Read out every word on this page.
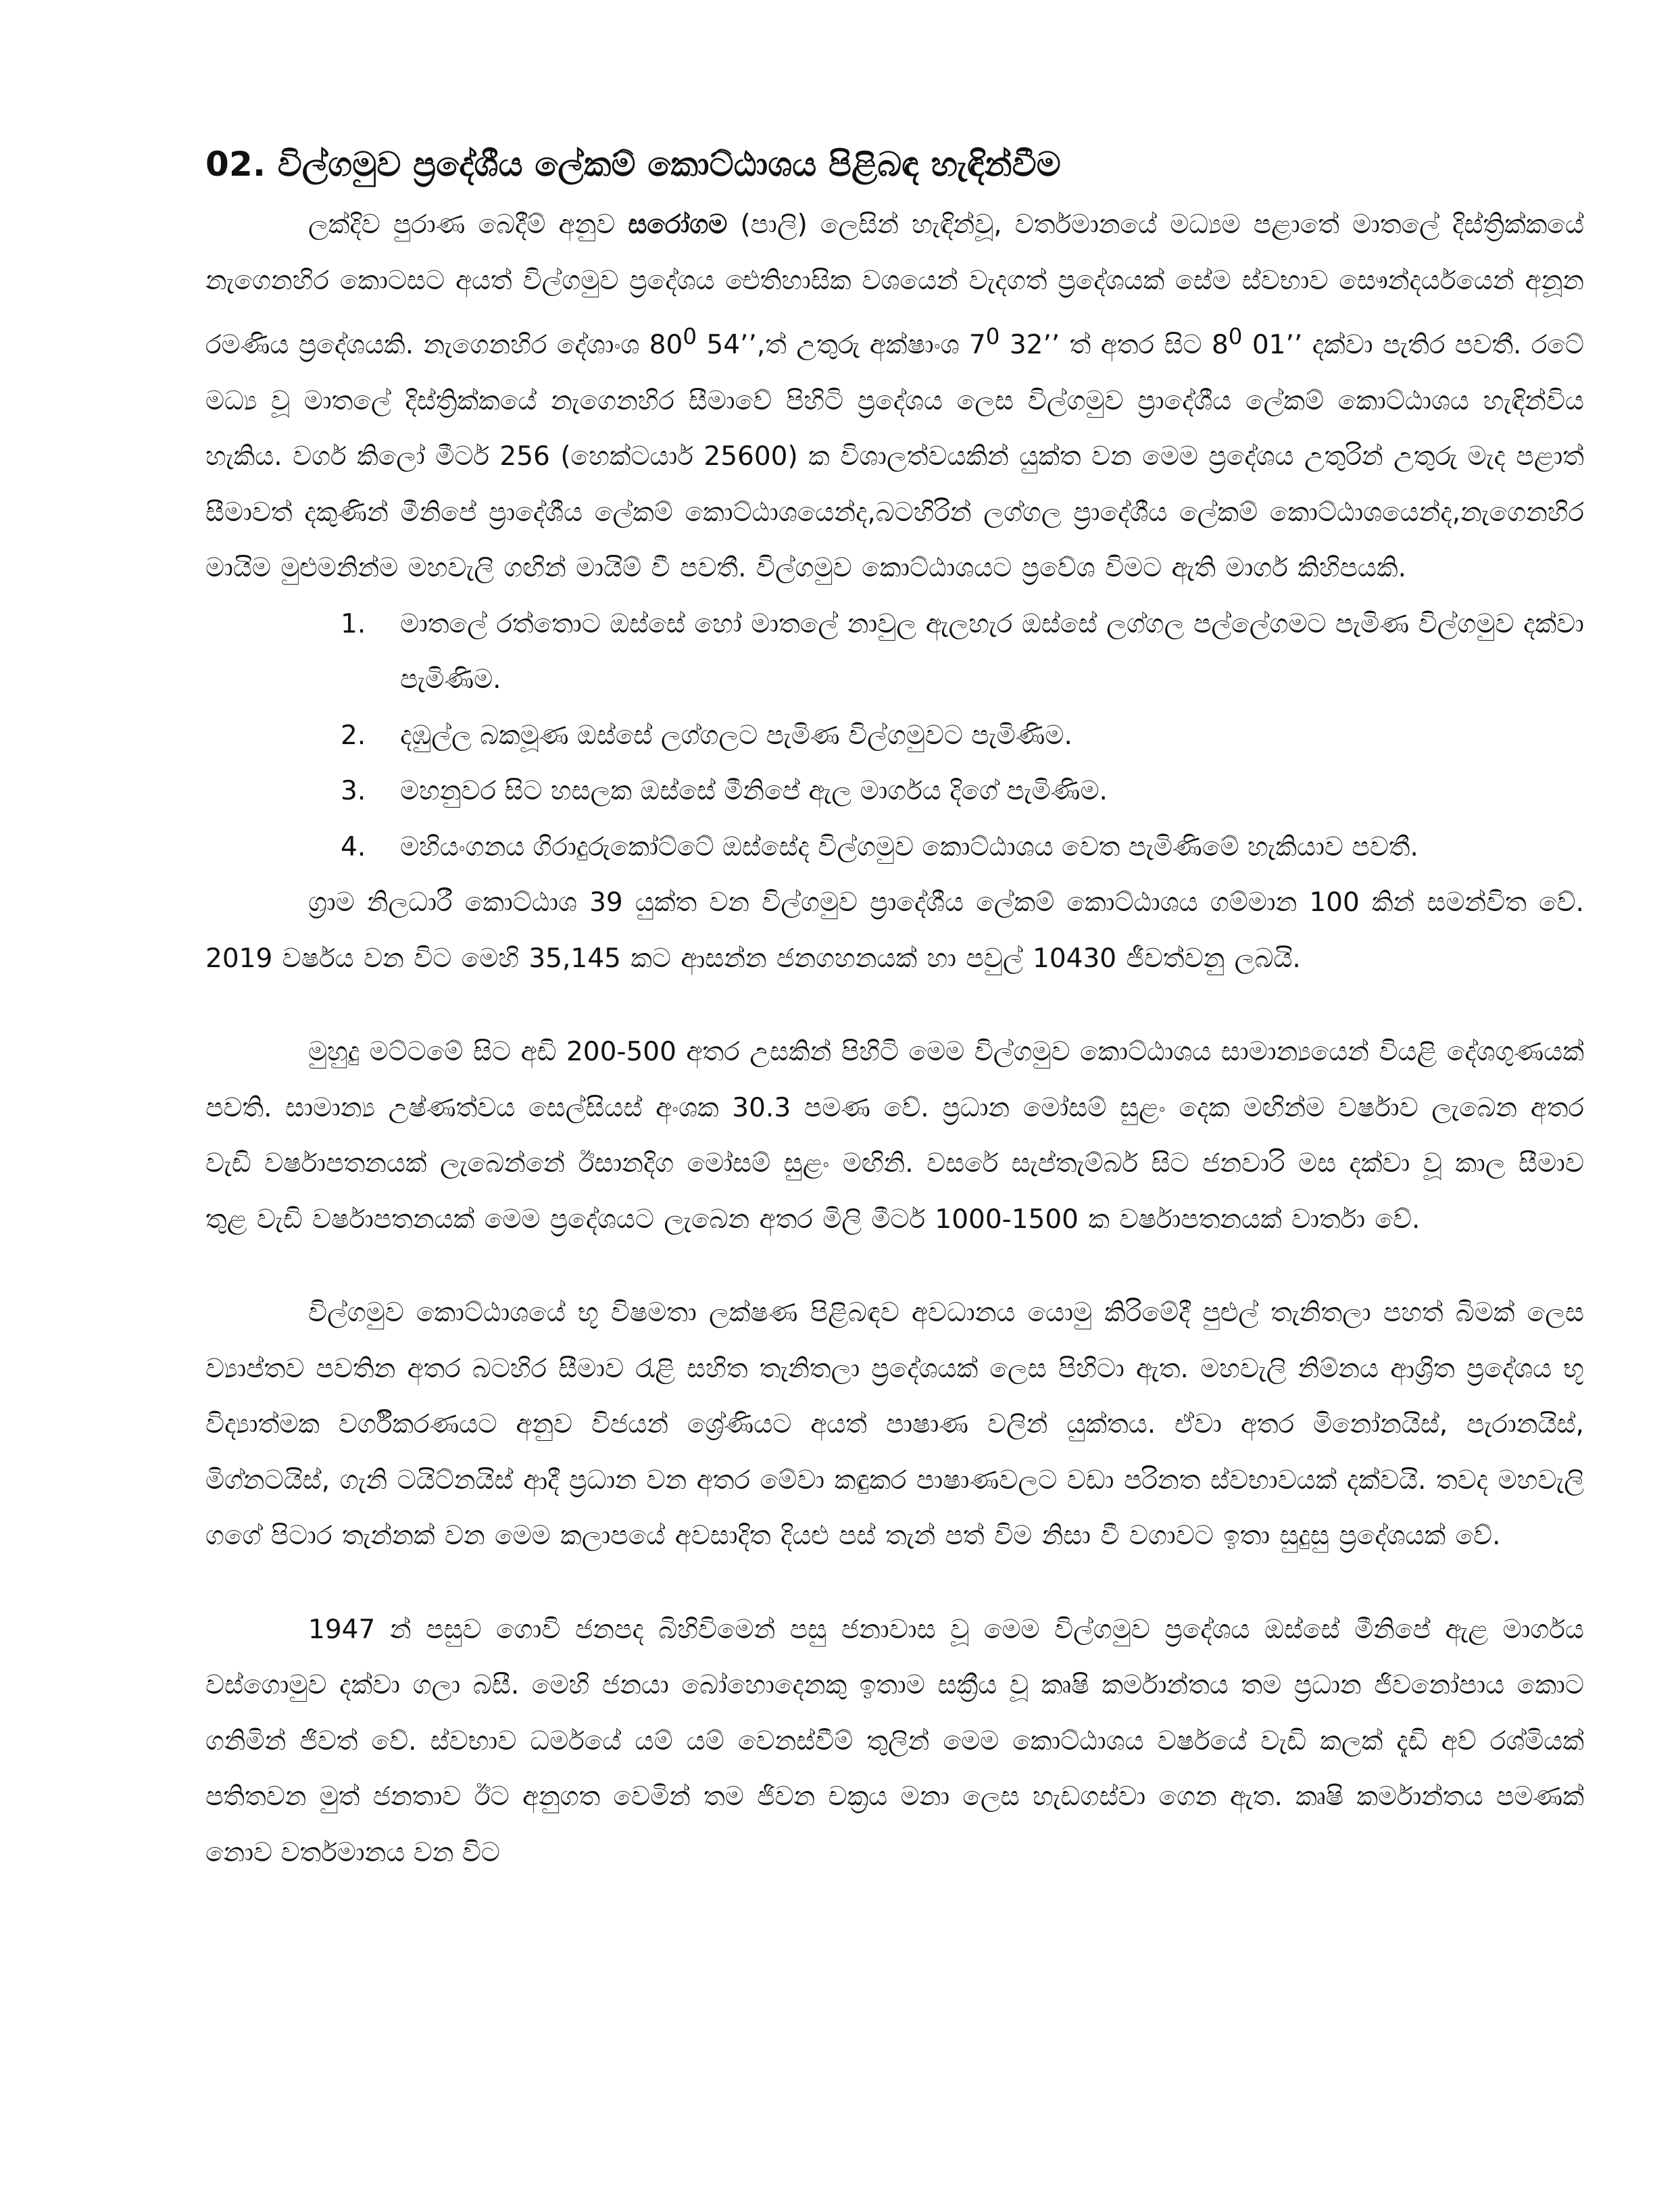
02. විල්ගමුව ප්‍රදේශීය ලේකම් කොට්ඨාශය පිළිබඳ හැඳින්වීම

ලක්දිව පුරාණ බෙදීම් අනුව සරෝගම (පාලි) ලෙසින් හැඳින්වූ, වර්තමානයේ මධ්‍යම පළාතේ මාතලේ දිස්ත්‍රික්කයේ නැගෙනහිර කොටසට අයත් විල්ගමුව ප්‍රදේශය ඓතිහාසික වශයෙන් වැදගත් ප්‍රදේශයක් සේම ස්වභාව සෞන්දර්යයෙන් අනූන රමණිය ප්‍රදේශයකි. නැගෙනහිර දේශාංශ $80^0$ 54’’,ත් උතුරු අක්ෂාංශ $7^0$ 32’’ ත් අතර සිට $8^0$ 01’’ දක්වා පැතිර පවතී. රටේ මධ්‍ය වූ මාතලේ දිස්ත්‍රික්කයේ නැගෙනහිර සීමාවේ පිහිටි ප්‍රදේශය ලෙස විල්ගමුව ප්‍රාදේශීය ලේකම් කොට්ඨාශය හැඳින්විය හැකිය. වර්ග කිලෝ මීටර් 256 (හෙක්ටයාර් 25600) ක විශාලත්වයකින් යුක්ත වන මෙම ප්‍රදේශය උතුරින් උතුරු මැද පළාත් සීමාවත් දකුණින් මීනිපේ ප්‍රාදේශීය ලේකම් කොට්ඨාශයෙන්ද,බටහිරින් ලග්ගල ප්‍රාදේශීය ලේකම් කොට්ඨාශයෙන්ද,නැගෙනහිර මායිම මුළුමනින්ම මහවැලි ගඟින් මායිම් වී පවතී. විල්ගමුව කොට්ඨාශයට ප්‍රවේශ විමට ඇති මාර්ග කිහිපයකි.

1. මාතලේ රත්තොට ඔස්සේ හෝ මාතලේ නාවුල ඇලහැර ඔස්සේ ලග්ගල පල්ලේගමට පැමිණ විල්ගමුව දක්වා පැමිණිම.
2. දඹුල්ල බකමූණ ඔස්සේ ලග්ගලට පැමිණ විල්ගමුවට පැමිණිම.
3. මහනුවර සිට හසලක ඔස්සේ මීනිපේ ඇල මාර්ගය දිගේ පැමිණිම.
4. මහියංගනය ගිරාදුරුකෝට්ටේ ඔස්සේද විල්ගමුව කොට්ඨාශය වෙත පැමිණිමේ හැකියාව පවතී.

ග්‍රාම නිලධාරී කොට්ඨාශ 39 යුක්ත වන විල්ගමුව ප්‍රාදේශීය ලේකම් කොට්ඨාශය ගම්මාන 100 කින් සමන්විත වේ. 2019 වර්ෂය වන විට මෙහි 35,145 කට ආසන්න ජනගහනයක් හා පවුල් 10430 ජීවත්වනු ලබයි.

මුහුදු මට්ටමේ සිට අඩි 200-500 අතර උසකින් පිහිටි මෙම විල්ගමුව කොට්ඨාශය සාමාන්‍යයෙන් වියළි දේශගුණයක් පවති. සාමාන්‍ය උෂ්ණත්වය සෙල්සියස් අංශක 30.3 පමණ වේ. ප්‍රධාන මෝසම් සුළං දෙක මඟින්ම වර්ෂාව ලැබෙන අතර වැඩි වර්ෂාපතනයක් ලැබෙන්නේ ඊසානදිග මෝසම් සුළං මඟිනි. වසරේ සැප්තැම්බර් සිට ජනවාරි මස දක්වා වූ කාල සීමාව තුළ වැඩි වර්ෂාපතනයක් මෙම ප්‍රදේශයට ලැබෙන අතර මිලි මීටර් 1000-1500 ක වර්ෂාපතනයක් වාර්තා වේ.

විල්ගමුව කොට්ඨාශයේ භූ විෂමතා ලක්ෂණ පිළිබඳව අවධානය යොමු කිරිමේදී පුළුල් තැනිතලා පහත් බිමක් ලෙස ව්‍යාප්තව පවතින අතර බටහිර සීමාව රැළි සහිත තැනිතලා ප්‍රදේශයක් ලෙස පිහිටා ඇත. මහවැලි නිම්නය ආශ්‍රිත ප්‍රදේශය භූ විද්‍යාත්මක වර්ගීකරණයට අනුව විජයන් ශ්‍රේණියට අයත් පාෂාණ වලින් යුක්තය. ඒවා අතර මිනෝනයිස්, පැරානයිස්, මිග්නටයිස්, ගැනි ටයිට්නයිස් ආදී ප්‍රධාන වන අතර මේවා කඳුකර පාෂාණවලට වඩා පරිනත ස්වභාවයක් දක්වයි. තවද මහවැලි ගගේ පිටාර තැන්නක් වන මෙම කලාපයේ අවසාදිත දියළු පස් තැන් පත් විම නිසා වී වගාවට ඉතා සුදුසු ප්‍රදේශයක් වේ.

1947 න් පසුව ගොවි ජනපද බිහිවිමෙන් පසු ජනාවාස වූ මෙම විල්ගමුව ප්‍රදේශය ඔස්සේ මීනිපේ ඇළ මාර්ගය වස්ගොමුව දක්වා ගලා බසී. මෙහි ජනයා බෝහොදෙනකු ඉතාම සක්‍රීය වූ කෘෂි කර්මාන්තය තම ප්‍රධාන ජිවනෝපාය කොට ගනිමින් ජිවත් වේ. ස්වභාව ධර්මයේ යම් යම් වෙනස්වීම් තුලින් මෙම කොට්ඨාශය වර්ෂයේ වැඩි කලක් දැඩි අව් රශ්මියක් පතිතවන මුත් ජනතාව ඊට අනුගත වෙමින් තම ජිවන චක්‍රය මනා ලෙස හැඩගස්වා ගෙන ඇත. කෘෂි කර්මාන්තය පමණක් නොව වර්තමානය වන විට
